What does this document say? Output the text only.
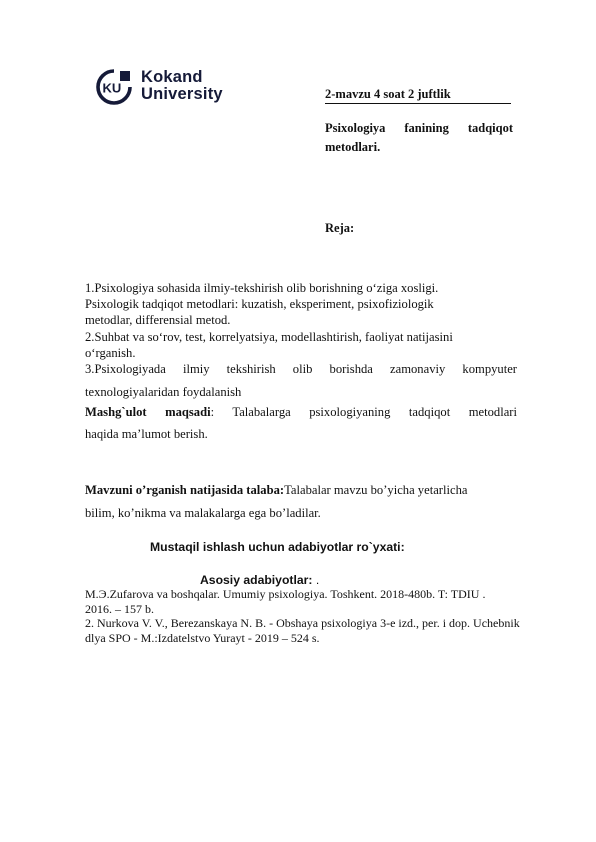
KU
Kokand
University	2-mavzu 4 soat 2 juftlik
Psixologiya fanining tadqiqot
metodlari.
Reja:

1.Psixologiya sohasida ilmiy-tekshirish olib borishning o‘ziga xosligi.

Psixologik tadqiqot metodlari: kuzatish, eksperiment, psixofiziologik

metodlar, differensial metod.

2.Suhbat va so‘rov, test, korrelyatsiya, modellashtirish, faoliyat natijasini

o‘rganish.

3.Psixologiyada ilmiy tekshirish olib borishda zamonaviy kompyuter

texnologiyalaridan foydalanish

Mashg`ulot maqsadi: Talabalarga psixologiyaning tadqiqot metodlari

haqida ma’lumot berish.

Mavzuni o’rganish natijasida talaba:Talabalar mavzu bo’yicha yetarlicha

bilim, ko’nikma va malakalarga ega bo’ladilar.

Mustaqil ishlash uchun adabiyotlar ro`yxati:
Asosiy adabiyotlar: .

M.Э.Zufarova va boshqalar. Umumiy psixologiya. Toshkent. 2018-480b. T: TDIU .

2016. – 157 b.

2. Nurkova V. V., Berezanskaya N. B. - Obshaya psixologiya 3-e izd., per. i dop. Uchebnik

dlya SPO - M.:Izdatelstvo Yurayt - 2019 – 524 s.
